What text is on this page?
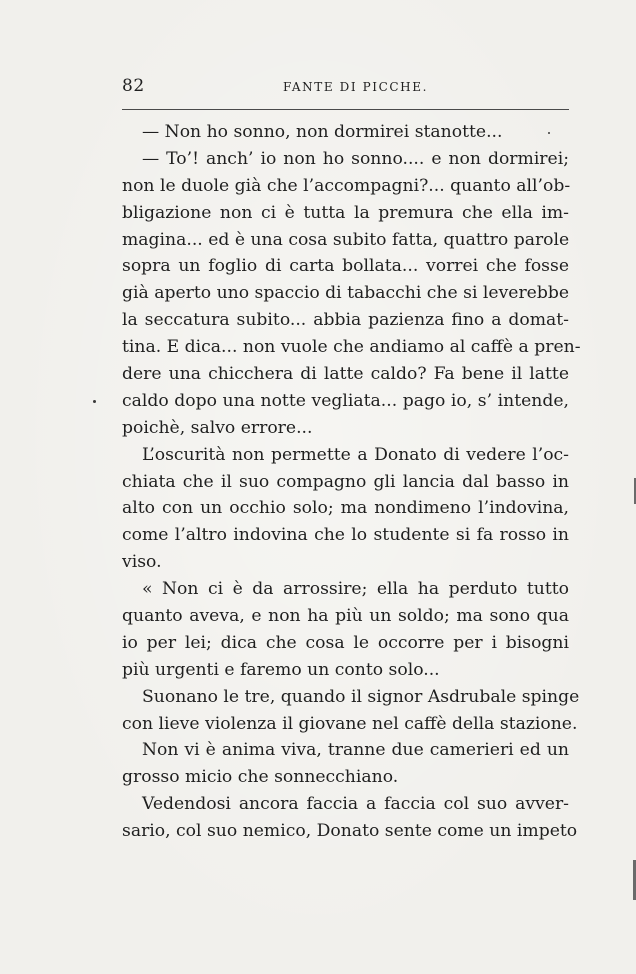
82	FANTE DI PICCHE.
— Non ho sonno, non dormirei stanotte...
— To’! anch’ io non ho sonno.... e non dormirei;
non le duole già che l’accompagni?... quanto all’ob-
bligazione non ci è tutta la premura che ella im-
magina... ed è una cosa subito fatta, quattro parole
sopra un foglio di carta bollata... vorrei che fosse
già aperto uno spaccio di tabacchi che si leverebbe
la seccatura subito... abbia pazienza fino a domat-
tina. E dica... non vuole che andiamo al caffè a pren-
dere una chicchera di latte caldo? Fa bene il latte
caldo dopo una notte vegliata... pago io, s’ intende,
poichè, salvo errore...
L’oscurità non permette a Donato di vedere l’oc-
chiata che il suo compagno gli lancia dal basso in
alto con un occhio solo; ma nondimeno l’indovina,
come l’altro indovina che lo studente si fa rosso in
viso.
« Non ci è da arrossire; ella ha perduto tutto
quanto aveva, e non ha più un soldo; ma sono qua
io per lei; dica che cosa le occorre per i bisogni
più urgenti e faremo un conto solo...
Suonano le tre, quando il signor Asdrubale spinge
con lieve violenza il giovane nel caffè della stazione.
Non vi è anima viva, tranne due camerieri ed un
grosso micio che sonnecchiano.
Vedendosi ancora faccia a faccia col suo avver-
sario, col suo nemico, Donato sente come un impeto
